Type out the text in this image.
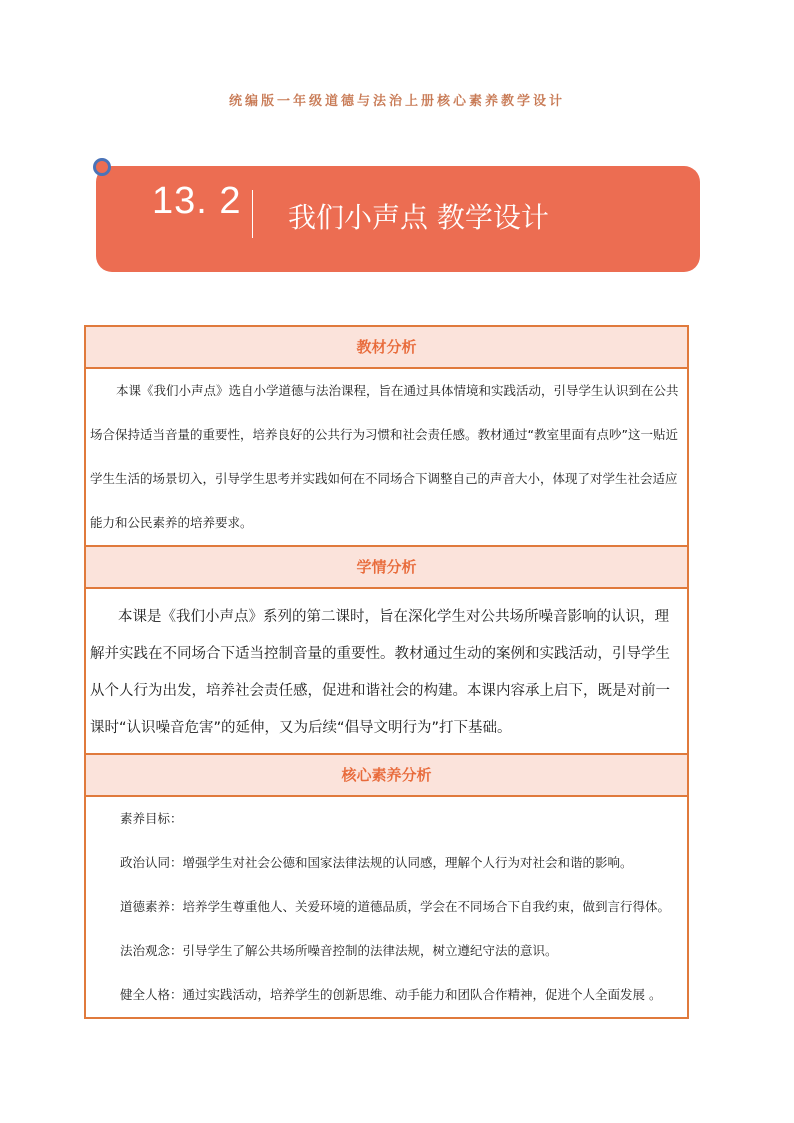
统编版一年级道德与法治上册核心素养教学设计
13. 2 我们小声点 教学设计
教材分析

本课《我们小声点》选自小学道德与法治课程，旨在通过具体情境和实践活动，引导学生认识到在公共场合保持适当音量的重要性，培养良好的公共行为习惯和社会责任感。教材通过“教室里面有点吵”这一贴近学生生活的场景切入，引导学生思考并实践如何在不同场合下调整自己的声音大小，体现了对学生社会适应能力和公民素养的培养要求。

学情分析

本课是《我们小声点》系列的第二课时，旨在深化学生对公共场所噪音影响的认识，理解并实践在不同场合下适当控制音量的重要性。教材通过生动的案例和实践活动，引导学生从个人行为出发，培养社会责任感，促进和谐社会的构建。本课内容承上启下，既是对前一课时“认识噪音危害”的延伸，又为后续“倡导文明行为”打下基础。

核心素养分析

素养目标：

政治认同：增强学生对社会公德和国家法律法规的认同感，理解个人行为对社会和谐的影响。

道德素养：培养学生尊重他人、关爱环境的道德品质，学会在不同场合下自我约束，做到言行得体。

法治观念：引导学生了解公共场所噪音控制的法律法规，树立遵纪守法的意识。

健全人格：通过实践活动，培养学生的创新思维、动手能力和团队合作精神，促进个人全面发展 。
